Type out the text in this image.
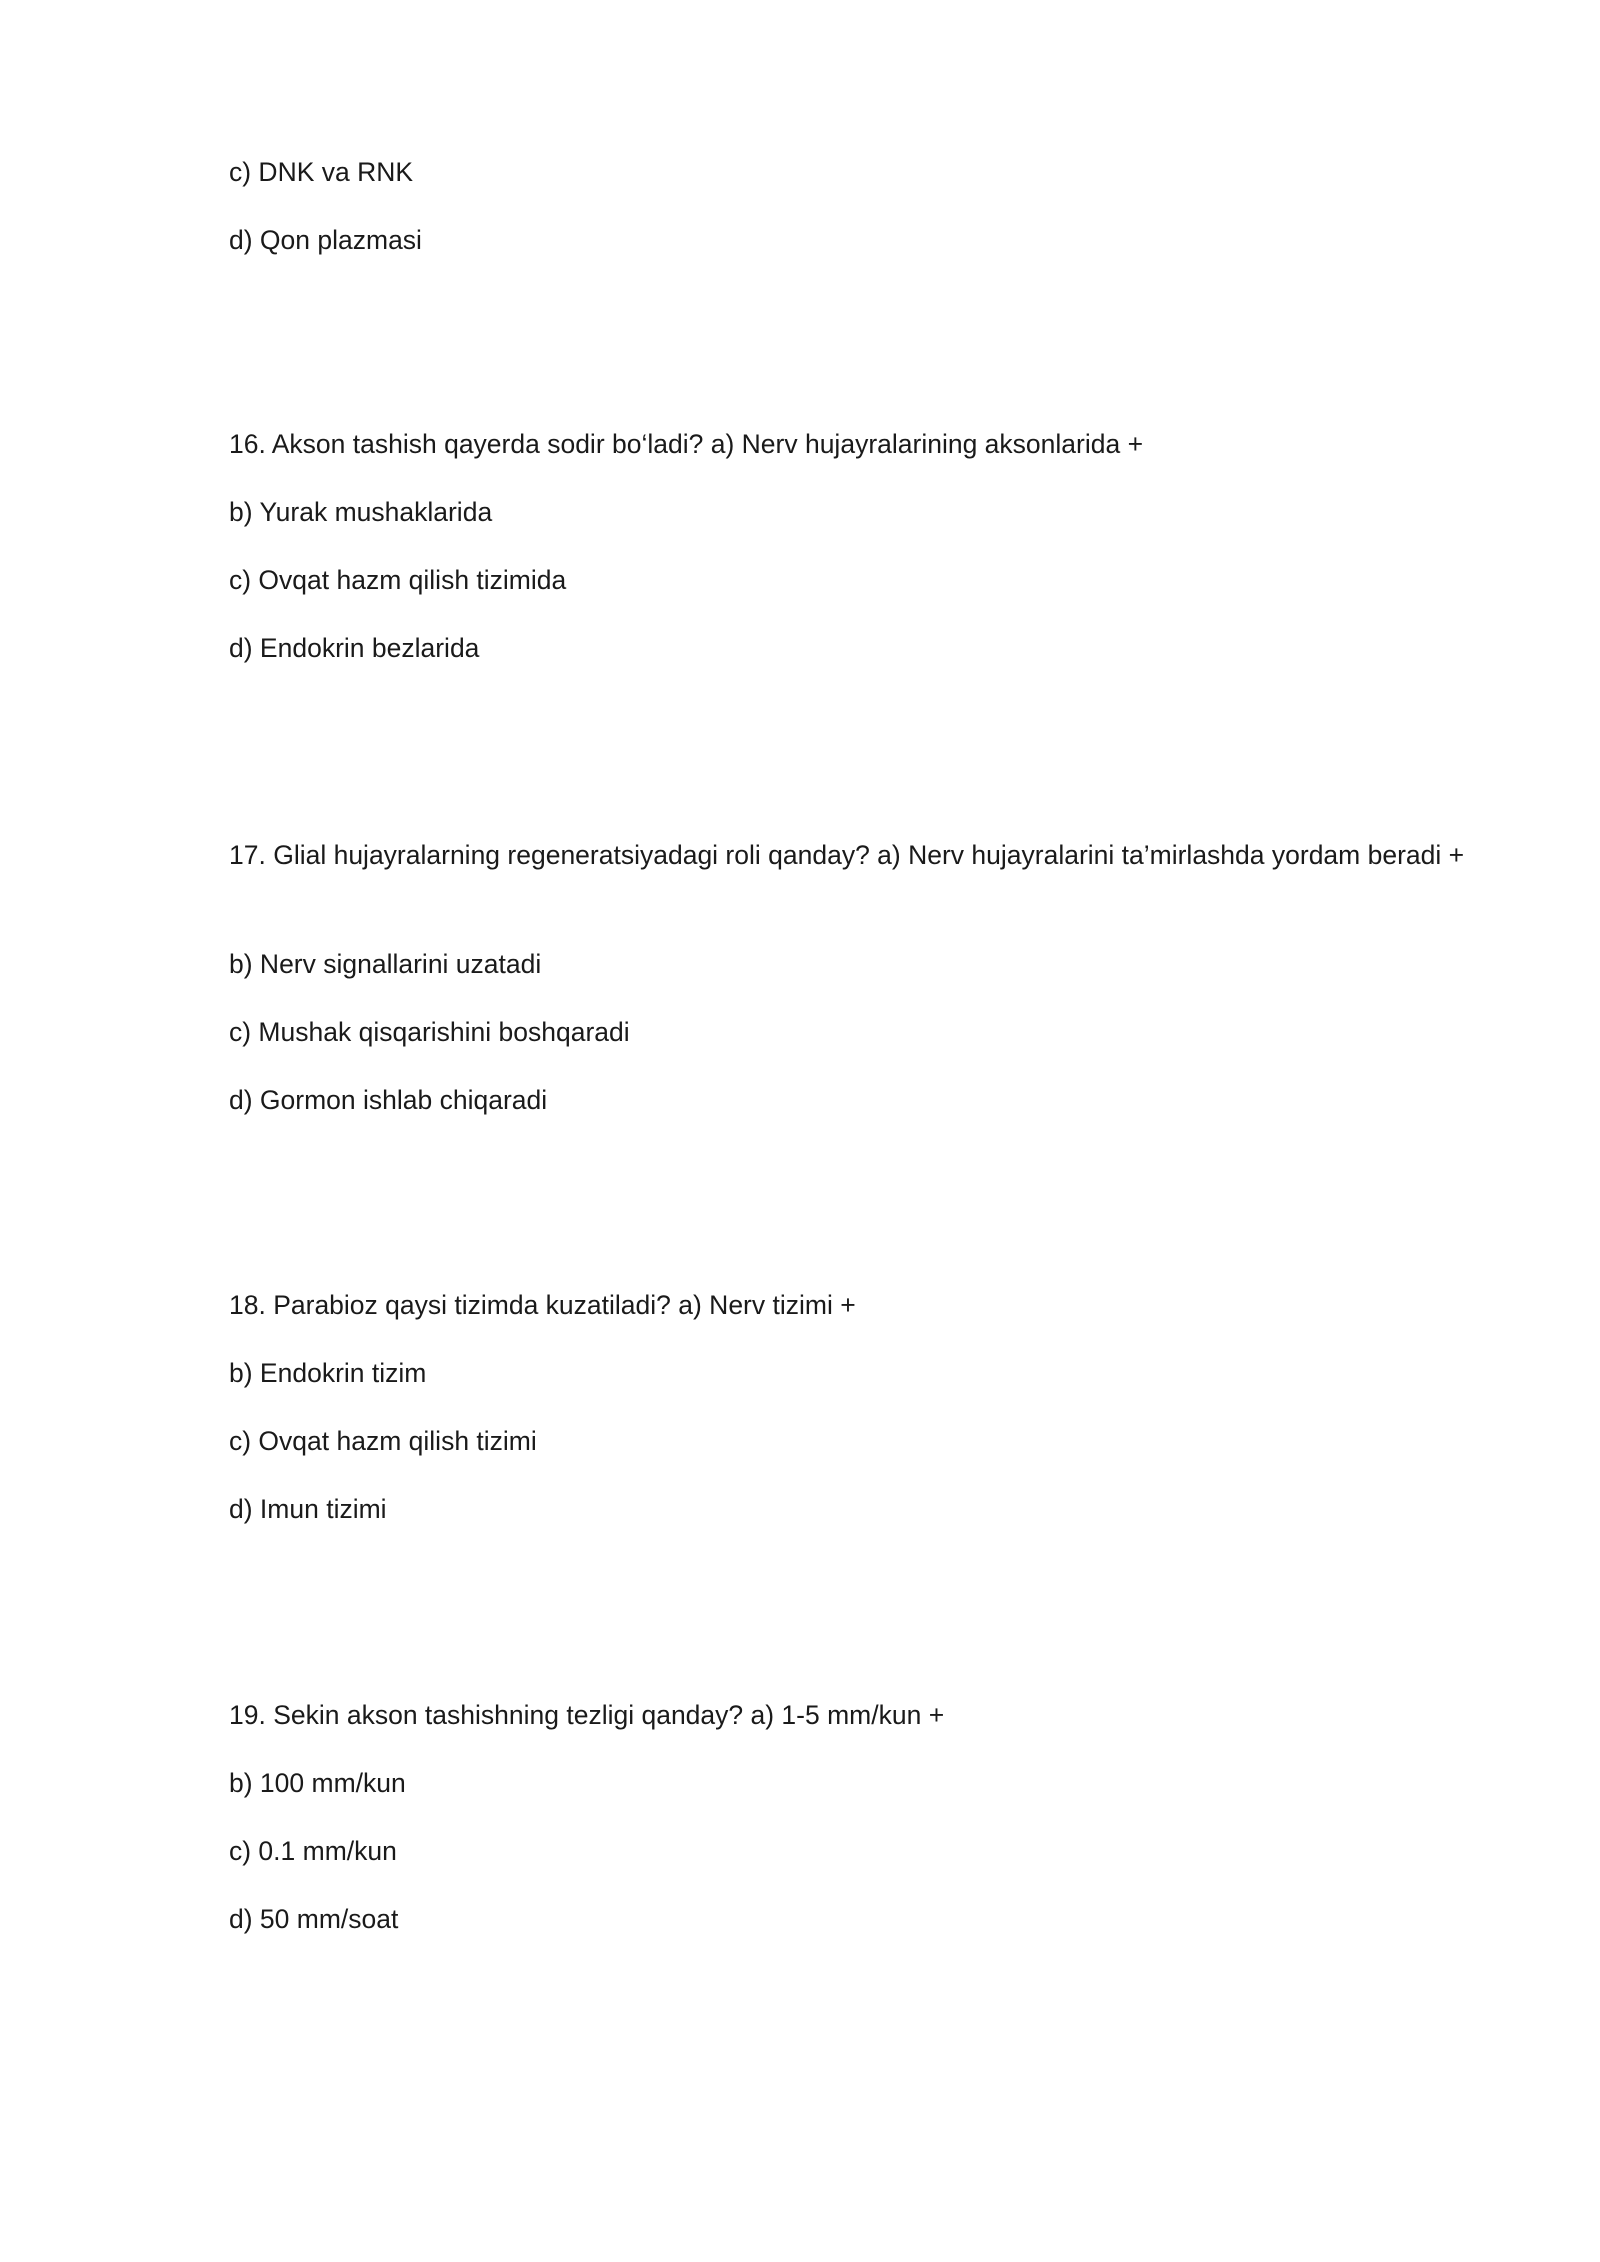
c) DNK va RNK

d) Qon plazmasi

16. Akson tashish qayerda sodir bo‘ladi? a) Nerv hujayralarining aksonlarida +

b) Yurak mushaklarida

c) Ovqat hazm qilish tizimida

d) Endokrin bezlarida

17. Glial hujayralarning regeneratsiyadagi roli qanday? a) Nerv hujayralarini ta’mirlashda yordam beradi +

b) Nerv signallarini uzatadi

c) Mushak qisqarishini boshqaradi

d) Gormon ishlab chiqaradi

18. Parabioz qaysi tizimda kuzatiladi? a) Nerv tizimi +

b) Endokrin tizim

c) Ovqat hazm qilish tizimi

d) Imun tizimi

19. Sekin akson tashishning tezligi qanday? a) 1-5 mm/kun +

b) 100 mm/kun

c) 0.1 mm/kun

d) 50 mm/soat
